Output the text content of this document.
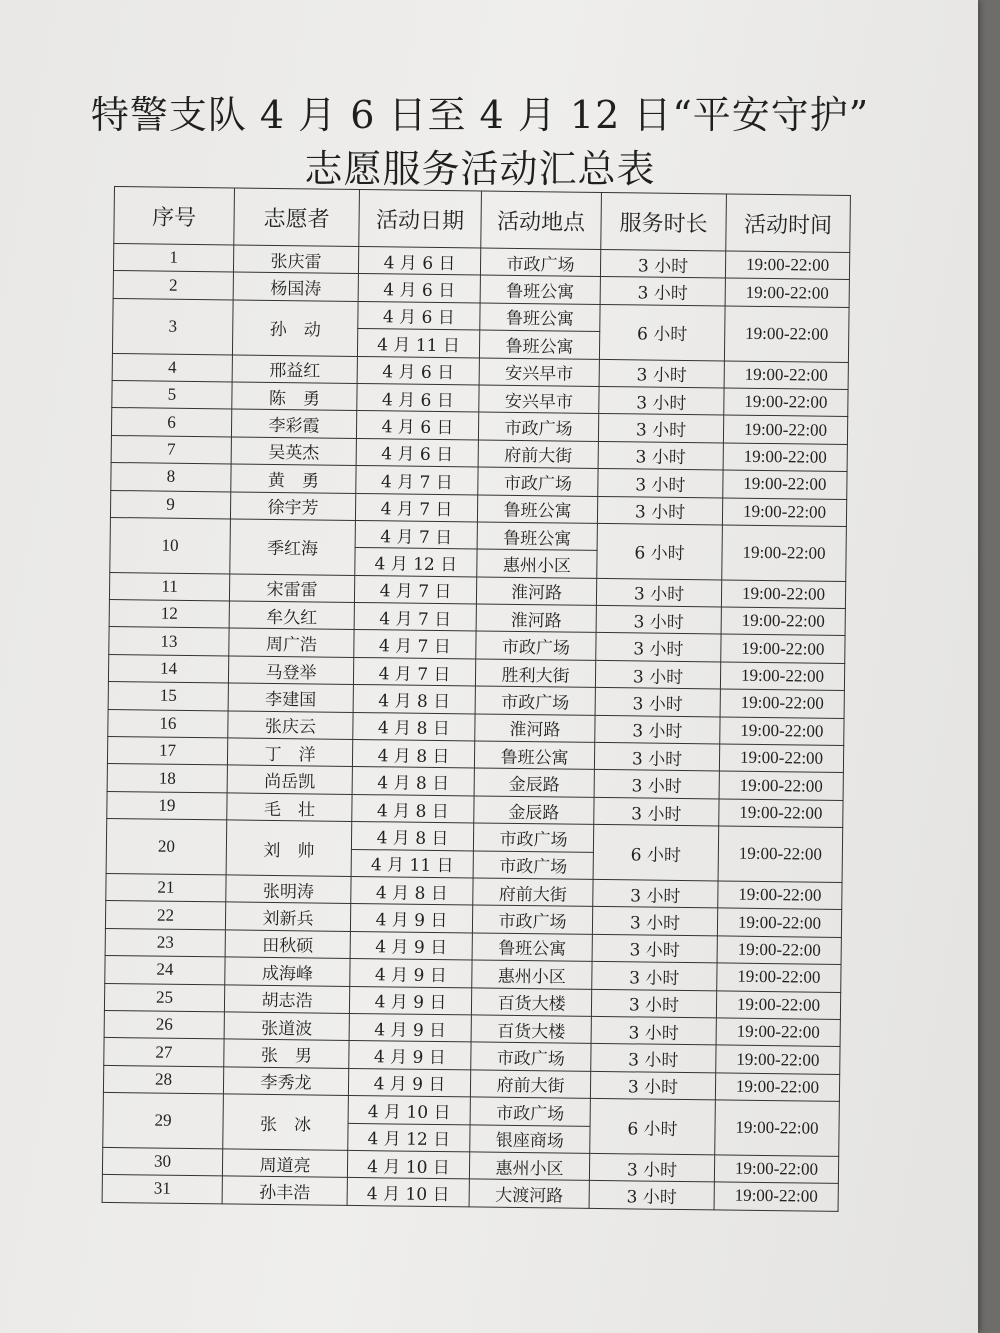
特警支队 4 月 6 日至 4 月 12 日“平安守护”
志愿服务活动汇总表
序号	志愿者	活动日期	活动地点	服务时长	活动时间
1	张庆雷	4 月 6 日	市政广场	3 小时	19:00-22:00
2	杨国涛	4 月 6 日	鲁班公寓	3 小时	19:00-22:00
3	孙　动	4 月 6 日	鲁班公寓	6 小时	19:00-22:00
		4 月 11 日	鲁班公寓		
4	邢益红	4 月 6 日	安兴早市	3 小时	19:00-22:00
5	陈　勇	4 月 6 日	安兴早市	3 小时	19:00-22:00
6	李彩霞	4 月 6 日	市政广场	3 小时	19:00-22:00
7	吴英杰	4 月 6 日	府前大街	3 小时	19:00-22:00
8	黄　勇	4 月 7 日	市政广场	3 小时	19:00-22:00
9	徐宇芳	4 月 7 日	鲁班公寓	3 小时	19:00-22:00
10	季红海	4 月 7 日	鲁班公寓	6 小时	19:00-22:00
		4 月 12 日	惠州小区		
11	宋雷雷	4 月 7 日	淮河路	3 小时	19:00-22:00
12	牟久红	4 月 7 日	淮河路	3 小时	19:00-22:00
13	周广浩	4 月 7 日	市政广场	3 小时	19:00-22:00
14	马登举	4 月 7 日	胜利大街	3 小时	19:00-22:00
15	李建国	4 月 8 日	市政广场	3 小时	19:00-22:00
16	张庆云	4 月 8 日	淮河路	3 小时	19:00-22:00
17	丁　洋	4 月 8 日	鲁班公寓	3 小时	19:00-22:00
18	尚岳凯	4 月 8 日	金辰路	3 小时	19:00-22:00
19	毛　壮	4 月 8 日	金辰路	3 小时	19:00-22:00
20	刘　帅	4 月 8 日	市政广场	6 小时	19:00-22:00
		4 月 11 日	市政广场		
21	张明涛	4 月 8 日	府前大街	3 小时	19:00-22:00
22	刘新兵	4 月 9 日	市政广场	3 小时	19:00-22:00
23	田秋硕	4 月 9 日	鲁班公寓	3 小时	19:00-22:00
24	成海峰	4 月 9 日	惠州小区	3 小时	19:00-22:00
25	胡志浩	4 月 9 日	百货大楼	3 小时	19:00-22:00
26	张道波	4 月 9 日	百货大楼	3 小时	19:00-22:00
27	张　男	4 月 9 日	市政广场	3 小时	19:00-22:00
28	李秀龙	4 月 9 日	府前大街	3 小时	19:00-22:00
29	张　冰	4 月 10 日	市政广场	6 小时	19:00-22:00
		4 月 12 日	银座商场		
30	周道亮	4 月 10 日	惠州小区	3 小时	19:00-22:00
31	孙丰浩	4 月 10 日	大渡河路	3 小时	19:00-22:00
